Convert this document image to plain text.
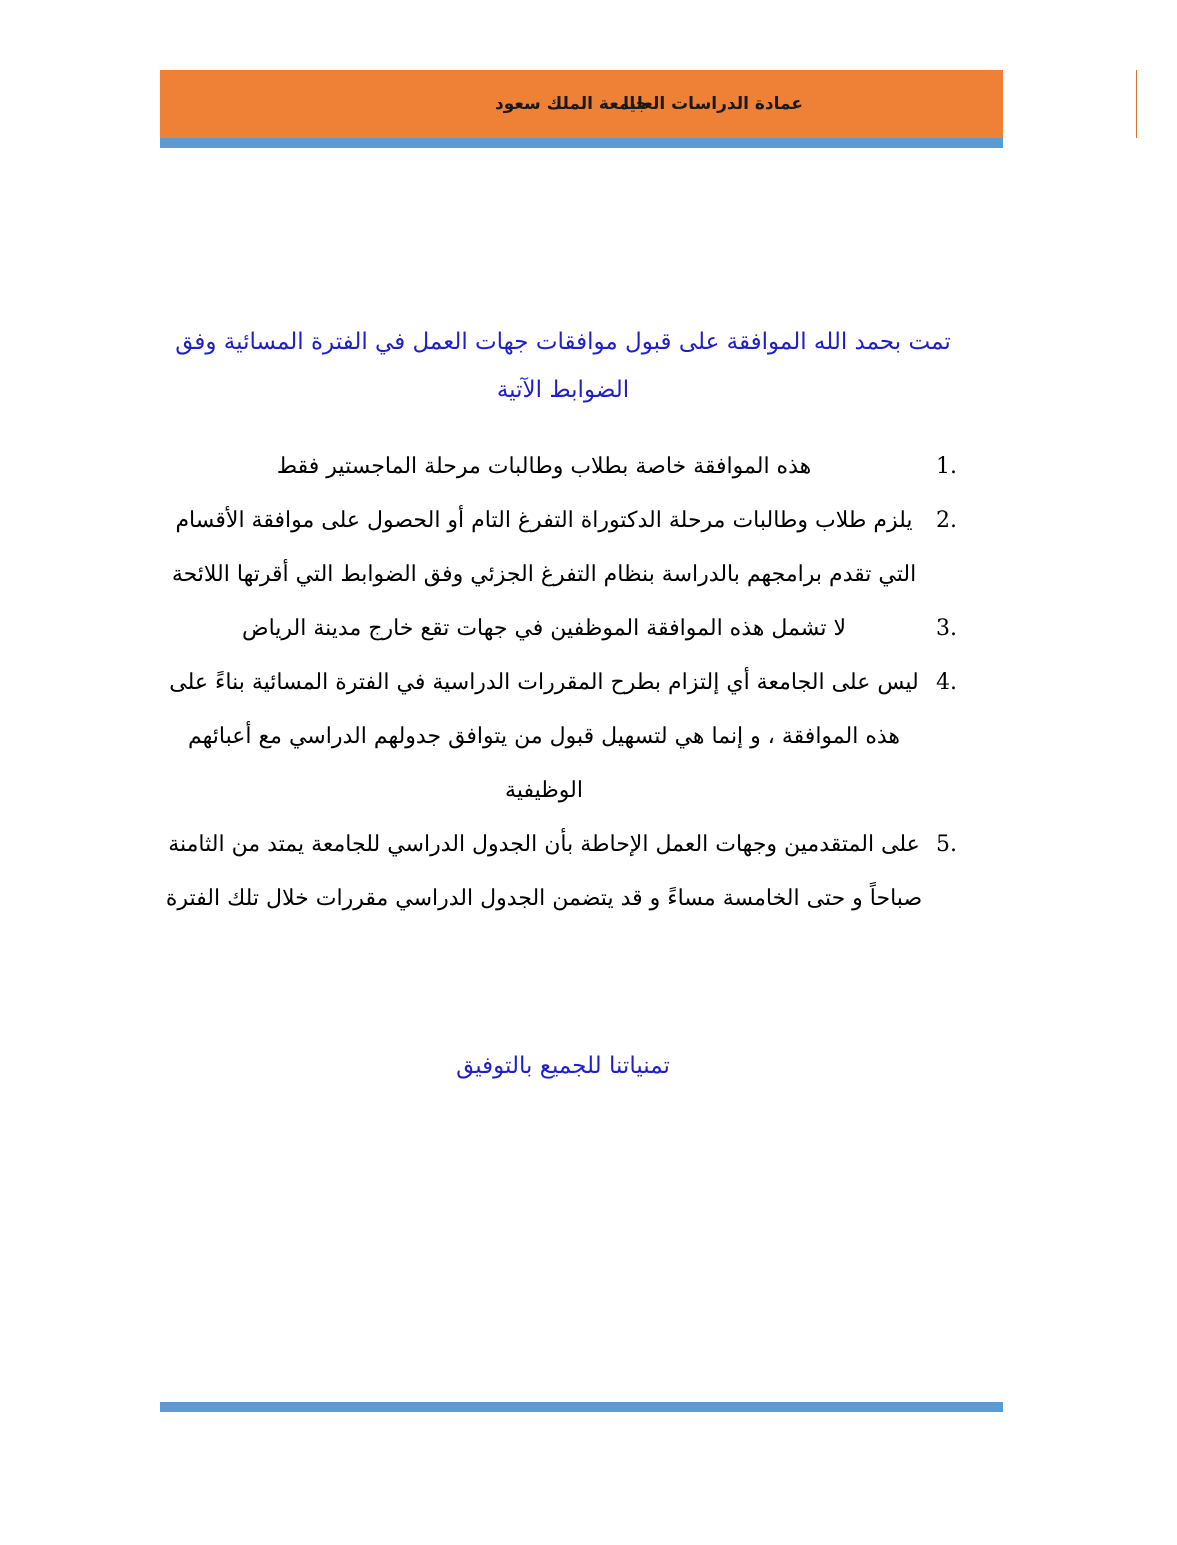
عمادة الدراسات العليا
جامعة الملك سعود

تمت بحمد الله الموافقة على قبول موافقات جهات العمل في الفترة المسائية وفق الضوابط الآتية

1.
هذه الموافقة خاصة بطلاب وطالبات مرحلة الماجستير فقط
2.
يلزم طلاب وطالبات مرحلة الدكتوراة التفرغ التام أو الحصول على موافقة الأقسام التي تقدم برامجهم بالدراسة بنظام التفرغ الجزئي وفق الضوابط التي أقرتها اللائحة
3.
لا تشمل هذه الموافقة الموظفين في جهات تقع خارج مدينة الرياض
4.
ليس على الجامعة أي إلتزام بطرح المقررات الدراسية في الفترة المسائية بناءً على هذه الموافقة ، و إنما هي لتسهيل قبول من يتوافق جدولهم الدراسي مع أعبائهم الوظيفية
5.
على المتقدمين وجهات العمل الإحاطة بأن الجدول الدراسي للجامعة يمتد من الثامنة صباحاً و حتى الخامسة مساءً و قد يتضمن الجدول الدراسي مقررات خلال تلك الفترة

تمنياتنا للجميع بالتوفيق
